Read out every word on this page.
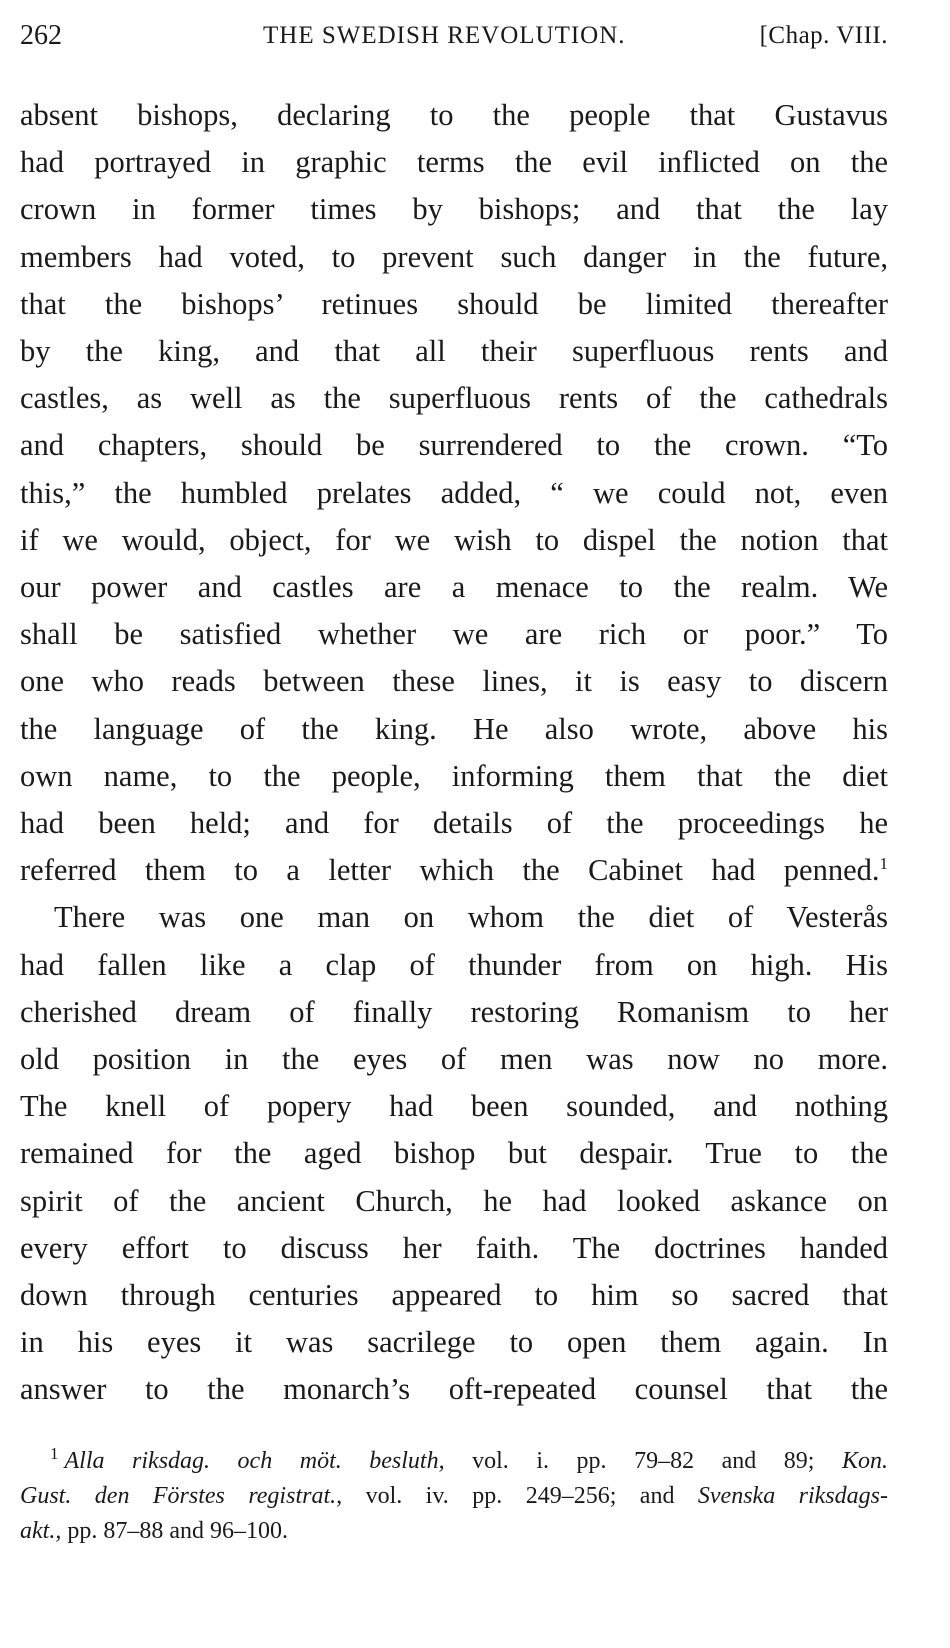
262	THE SWEDISH REVOLUTION.	[Chap. VIII.

absent bishops, declaring to the people that Gustavus
had portrayed in graphic terms the evil inflicted on the
crown in former times by bishops; and that the lay
members had voted, to prevent such danger in the future,
that the bishops’ retinues should be limited thereafter
by the king, and that all their superfluous rents and
castles, as well as the superfluous rents of the cathedrals
and chapters, should be surrendered to the crown. “To
this,” the humbled prelates added, “ we could not, even
if we would, object, for we wish to dispel the notion that
our power and castles are a menace to the realm. We
shall be satisfied whether we are rich or poor.” To
one who reads between these lines, it is easy to discern
the language of the king. He also wrote, above his
own name, to the people, informing them that the diet
had been held; and for details of the proceedings he
referred them to a letter which the Cabinet had penned.$^1$

There was one man on whom the diet of Vesterås
had fallen like a clap of thunder from on high. His
cherished dream of finally restoring Romanism to her
old position in the eyes of men was now no more.
The knell of popery had been sounded, and nothing
remained for the aged bishop but despair. True to the
spirit of the ancient Church, he had looked askance on
every effort to discuss her faith. The doctrines handed
down through centuries appeared to him so sacred that
in his eyes it was sacrilege to open them again. In
answer to the monarch’s oft-repeated counsel that the

$^1$ Alla riksdag. och möt. besluth, vol. i. pp. 79–82 and 89; Kon.
Gust. den Förstes registrat., vol. iv. pp. 249–256; and Svenska riksdags-
akt., pp. 87–88 and 96–100.
